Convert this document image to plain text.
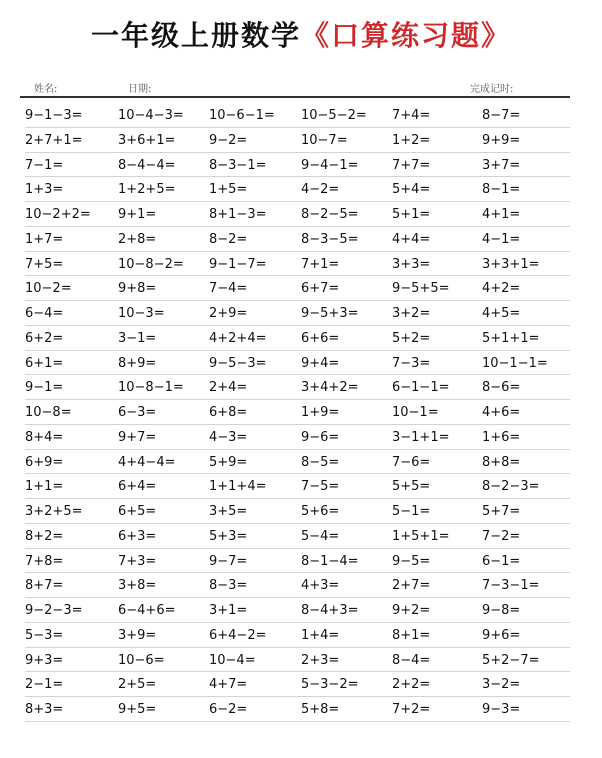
一年级上册数学《口算练习题》
姓名:	日期:	完成记时:
9−1−3=	10−4−3= 10−6−1= 10−5−2= 7+4=	8−7=
2+7+1=	3+6+1=	9−2=	10−7=	1+2=	9+9=
7−1=	8−4−4=	8−3−1=	9−4−1=	7+7=	3+7=
1+3=	1+2+5=	1+5=	4−2=	5+4=	8−1=
10−2+2= 9+1=	8+1−3=	8−2−5=	5+1=	4+1=
1+7=	2+8=	8−2=	8−3−5=	4+4=	4−1=
7+5=	10−8−2= 9−1−7=	7+1=	3+3=	3+3+1=
10−2=	9+8=	7−4=	6+7=	9−5+5=	4+2=
6−4=	10−3=	2+9=	9−5+3=	3+2=	4+5=
6+2=	3−1=	4+2+4=	6+6=	5+2=	5+1+1=
6+1=	8+9=	9−5−3=	9+4=	7−3=	10−1−1=
9−1=	10−8−1= 2+4=	3+4+2=	6−1−1=	8−6=
10−8=	6−3=	6+8=	1+9=	10−1=	4+6=
8+4=	9+7=	4−3=	9−6=	3−1+1=	1+6=
6+9=	4+4−4=	5+9=	8−5=	7−6=	8+8=
1+1=	6+4=	1+1+4=	7−5=	5+5=	8−2−3=
3+2+5=	6+5=	3+5=	5+6=	5−1=	5+7=
8+2=	6+3=	5+3=	5−4=	1+5+1=	7−2=
7+8=	7+3=	9−7=	8−1−4=	9−5=	6−1=
8+7=	3+8=	8−3=	4+3=	2+7=	7−3−1=
9−2−3=	6−4+6=	3+1=	8−4+3=	9+2=	9−8=
5−3=	3+9=	6+4−2=	1+4=	8+1=	9+6=
9+3=	10−6=	10−4=	2+3=	8−4=	5+2−7=
2−1=	2+5=	4+7=	5−3−2=	2+2=	3−2=
8+3=	9+5=	6−2=	5+8=	7+2=	9−3=
